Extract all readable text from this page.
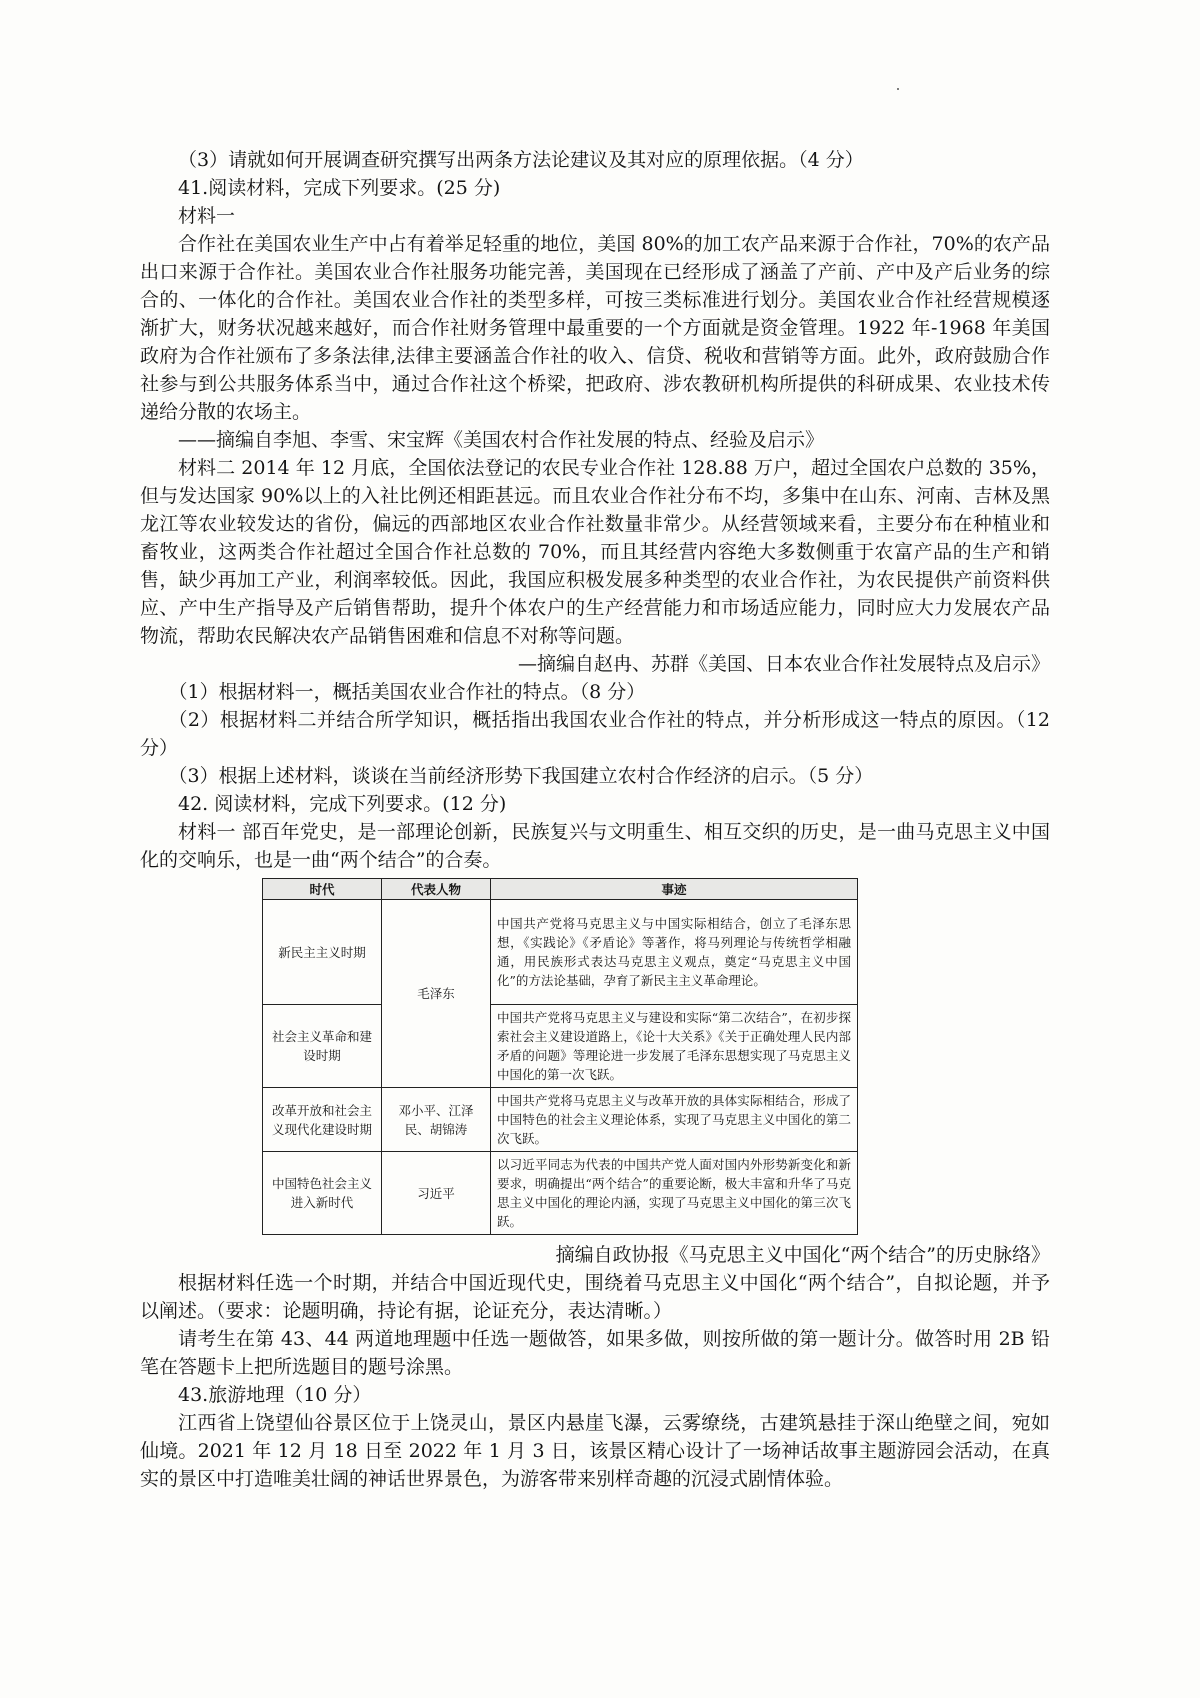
（3）请就如何开展调查研究撰写出两条方法论建议及其对应的原理依据。（4 分）

41.阅读材料，完成下列要求。(25 分)

材料一

合作社在美国农业生产中占有着举足轻重的地位，美国 80%的加工农产品来源于合作社，70%的农产品出口来源于合作社。美国农业合作社服务功能完善，美国现在已经形成了涵盖了产前、产中及产后业务的综合的、一体化的合作社。美国农业合作社的类型多样，可按三类标准进行划分。美国农业合作社经营规模逐渐扩大，财务状况越来越好，而合作社财务管理中最重要的一个方面就是资金管理。1922 年-1968 年美国政府为合作社颁布了多条法律,法律主要涵盖合作社的收入、信贷、税收和营销等方面。此外，政府鼓励合作社参与到公共服务体系当中，通过合作社这个桥梁，把政府、涉农教研机构所提供的科研成果、农业技术传递给分散的农场主。

——摘编自李旭、李雪、宋宝辉《美国农村合作社发展的特点、经验及启示》

材料二 2014 年 12 月底，全国依法登记的农民专业合作社 128.88 万户，超过全国农户总数的 35%，但与发达国家 90%以上的入社比例还相距甚远。而且农业合作社分布不均，多集中在山东、河南、吉林及黑龙江等农业较发达的省份，偏远的西部地区农业合作社数量非常少。从经营领域来看，主要分布在种植业和畜牧业，这两类合作社超过全国合作社总数的 70%，而且其经营内容绝大多数侧重于农富产品的生产和销售，缺少再加工产业，利润率较低。因此，我国应积极发展多种类型的农业合作社，为农民提供产前资料供应、产中生产指导及产后销售帮助，提升个体农户的生产经营能力和市场适应能力，同时应大力发展农产品物流，帮助农民解决农产品销售困难和信息不对称等问题。

—摘编自赵冉、苏群《美国、日本农业合作社发展特点及启示》

（1）根据材料一，概括美国农业合作社的特点。（8 分）

（2）根据材料二并结合所学知识，概括指出我国农业合作社的特点，并分析形成这一特点的原因。（12 分）

（3）根据上述材料，谈谈在当前经济形势下我国建立农村合作经济的启示。（5 分）

42. 阅读材料，完成下列要求。(12 分)

材料一 部百年党史，是一部理论创新，民族复兴与文明重生、相互交织的历史，是一曲马克思主义中国化的交响乐，也是一曲“两个结合”的合奏。

时代	代表人物	事迹
新民主主义时期	毛泽东	中国共产党将马克思主义与中国实际相结合，创立了毛泽东思想，《实践论》《矛盾论》等著作，将马列理论与传统哲学相融通，用民族形式表达马克思主义观点，奠定“马克思主义中国化”的方法论基础，孕育了新民主主义革命理论。
社会主义革命和建设时期		中国共产党将马克思主义与建设和实际“第二次结合”，在初步探索社会主义建设道路上，《论十大关系》《关于正确处理人民内部矛盾的问题》等理论进一步发展了毛泽东思想实现了马克思主义中国化的第一次飞跃。
改革开放和社会主义现代化建设时期	邓小平、江泽民、胡锦涛	中国共产党将马克思主义与改革开放的具体实际相结合，形成了中国特色的社会主义理论体系，实现了马克思主义中国化的第二次飞跃。
中国特色社会主义进入新时代	习近平	以习近平同志为代表的中国共产党人面对国内外形势新变化和新要求，明确提出“两个结合”的重要论断，极大丰富和升华了马克思主义中国化的理论内涵，实现了马克思主义中国化的第三次飞跃。

摘编自政协报《马克思主义中国化“两个结合”的历史脉络》

根据材料任选一个时期，并结合中国近现代史，围绕着马克思主义中国化“两个结合”，自拟论题，并予以阐述。（要求：论题明确，持论有据，论证充分，表达清晰。）

请考生在第 43、44 两道地理题中任选一题做答，如果多做，则按所做的第一题计分。做答时用 2B 铅笔在答题卡上把所选题目的题号涂黑。

43.旅游地理（10 分）

江西省上饶望仙谷景区位于上饶灵山，景区内悬崖飞瀑，云雾缭绕，古建筑悬挂于深山绝壁之间，宛如仙境。2021 年 12 月 18 日至 2022 年 1 月 3 日，该景区精心设计了一场神话故事主题游园会活动，在真实的景区中打造唯美壮阔的神话世界景色，为游客带来别样奇趣的沉浸式剧情体验。
